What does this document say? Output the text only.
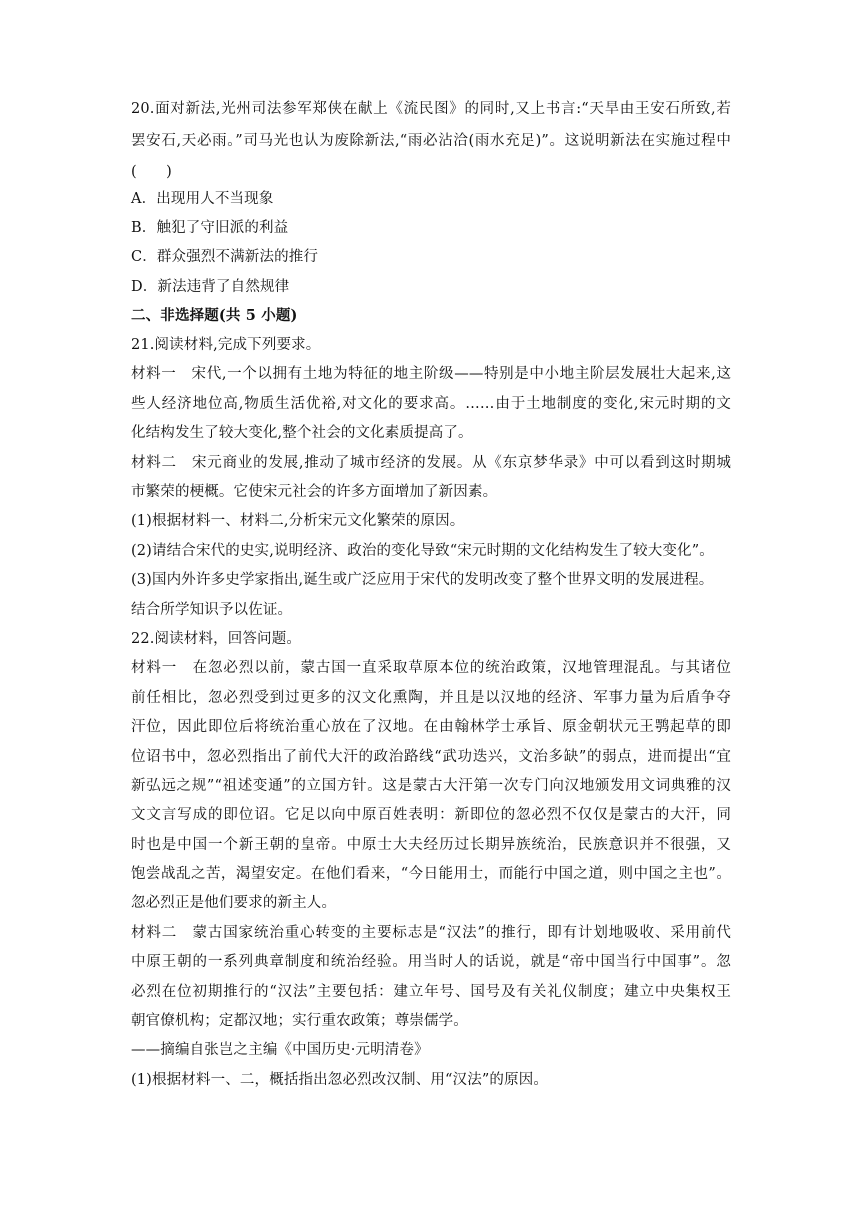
20.面对新法,光州司法参军郑侠在献上《流民图》的同时,又上书言:“天旱由王安石所致,若
罢安石,天必雨。”司马光也认为废除新法,“雨必沾洽(雨水充足)”。这说明新法在实施过程中
(　　)
A．出现用人不当现象
B．触犯了守旧派的利益
C．群众强烈不满新法的推行
D．新法违背了自然规律
二、非选择题(共 5 小题)
21.阅读材料,完成下列要求。
材料一　宋代,一个以拥有土地为特征的地主阶级——特别是中小地主阶层发展壮大起来,这
些人经济地位高,物质生活优裕,对文化的要求高。……由于土地制度的变化,宋元时期的文
化结构发生了较大变化,整个社会的文化素质提高了。
材料二　宋元商业的发展,推动了城市经济的发展。从《东京梦华录》中可以看到这时期城
市繁荣的梗概。它使宋元社会的许多方面增加了新因素。
(1)根据材料一、材料二,分析宋元文化繁荣的原因。
(2)请结合宋代的史实,说明经济、政治的变化导致“宋元时期的文化结构发生了较大变化”。
(3)国内外许多史学家指出,诞生或广泛应用于宋代的发明改变了整个世界文明的发展进程。
结合所学知识予以佐证。
22.阅读材料，回答问题。
材料一　在忽必烈以前，蒙古国一直采取草原本位的统治政策，汉地管理混乱。与其诸位
前任相比，忽必烈受到过更多的汉文化熏陶，并且是以汉地的经济、军事力量为后盾争夺
汗位，因此即位后将统治重心放在了汉地。在由翰林学士承旨、原金朝状元王鹗起草的即
位诏书中，忽必烈指出了前代大汗的政治路线“武功迭兴，文治多缺”的弱点，进而提出“宜
新弘远之规”“祖述变通”的立国方针。这是蒙古大汗第一次专门向汉地颁发用文词典雅的汉
文文言写成的即位诏。它足以向中原百姓表明：新即位的忽必烈不仅仅是蒙古的大汗，同
时也是中国一个新王朝的皇帝。中原士大夫经历过长期异族统治，民族意识并不很强，又
饱尝战乱之苦，渴望安定。在他们看来，“今日能用士，而能行中国之道，则中国之主也”。
忽必烈正是他们要求的新主人。
材料二　蒙古国家统治重心转变的主要标志是“汉法”的推行，即有计划地吸收、采用前代
中原王朝的一系列典章制度和统治经验。用当时人的话说，就是“帝中国当行中国事”。忽
必烈在位初期推行的“汉法”主要包括：建立年号、国号及有关礼仪制度；建立中央集权王
朝官僚机构；定都汉地；实行重农政策；尊崇儒学。
——摘编自张岂之主编《中国历史·元明清卷》
(1)根据材料一、二，概括指出忽必烈改汉制、用“汉法”的原因。
